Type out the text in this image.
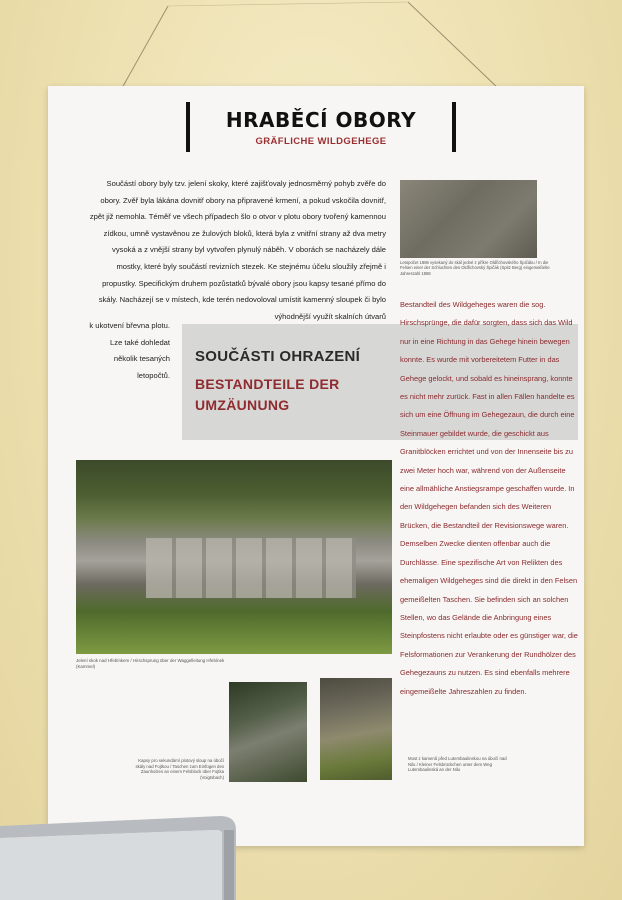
HRABĚCÍ OBORY
GRÄFLICHE WILDGEHEGE
Součástí obory byly tzv. jelení skoky, které zajišťovaly jednosměrný pohyb zvěře do obory. Zvěř byla lákána dovnitř obory na připravené krmení, a pokud vskočila dovnitř, zpět již nemohla. Téměř ve všech případech šlo o otvor v plotu obory tvořený kamennou zídkou, umně vystavěnou ze žulových bloků, která byla z vnitřní strany až dva metry vysoká a z vnější strany byl vytvořen plynulý náběh. V oborách se nacházely dále mostky, které byly součástí revizních stezek. Ke stejnému účelu sloužily zřejmě i propustky. Specifickým druhem pozůstatků bývalé obory jsou kapsy tesané přímo do skály. Nacházejí se v místech, kde terén nedovoloval umístit kamenný sloupek či bylo výhodnější využít skalních útvarů
k ukotvení břevna plotu. Lze také dohledat několik tesaných letopočtů.
Letopočet 1886 vysekaný do skál jedné z příkre Oldřichovského Špičáku / In die Felsen einer der Schluchten des Oldřichovský Špičák (Spitz Berg) eingemeißelte Jahreszahl 1886
SOUČÁSTI OHRAZENÍ
BESTANDTEILE DER UMZÄUNUNG
Bestandteil des Wildgeheges waren die sog. Hirschsprünge, die dafür sorgten, dass sich das Wild nur in eine Richtung in das Gehege hinein bewegen konnte. Es wurde mit vorbereitetem Futter in das Gehege gelockt, und sobald es hineinsprang, konnte es nicht mehr zurück. Fast in allen Fällen handelte es sich um eine Öffnung im Gehegezaun, die durch eine Steinmauer gebildet wurde, die geschickt aus Granitblöcken errichtet und von der Innenseite bis zu zwei Meter hoch war, während von der Außenseite eine allmähliche Anstiegsrampe geschaffen wurde. In den Wildgehegen befanden sich des Weiteren Brücken, die Bestandteil der Revisionswege waren. Demselben Zwecke dienten offenbar auch die Durchlässe. Eine spezifische Art von Relikten des ehemaligen Wildgeheges sind die direkt in den Felsen gemeißelten Taschen. Sie befinden sich an solchen Stellen, wo das Gelände die Anbringung eines Steinpfostens nicht erlaubte oder es günstiger war, die Felsformationen zur Verankerung der Rundhölzer des Gehegezauns zu nutzen. Es sind ebenfalls mehrere eingemeißelte Jahreszahlen zu finden.
Jelení skok nad Hřebínkem / Hirschsprung über der Waggelleitung Hřebínek (Kammel)
Kapsy pro sekundární plotový sloup na úbočí skály nad Fojtkou / Taschen zum Einfügen des Zaunholzes an einem Felsblock über Fojtka (Voigtsbach)
Most z kamenů před Lutembaulinskou na úbočí nad Nilu / Kleiner Felsbrückchen unter dem Weg Lutembaulinská an der Nilu
